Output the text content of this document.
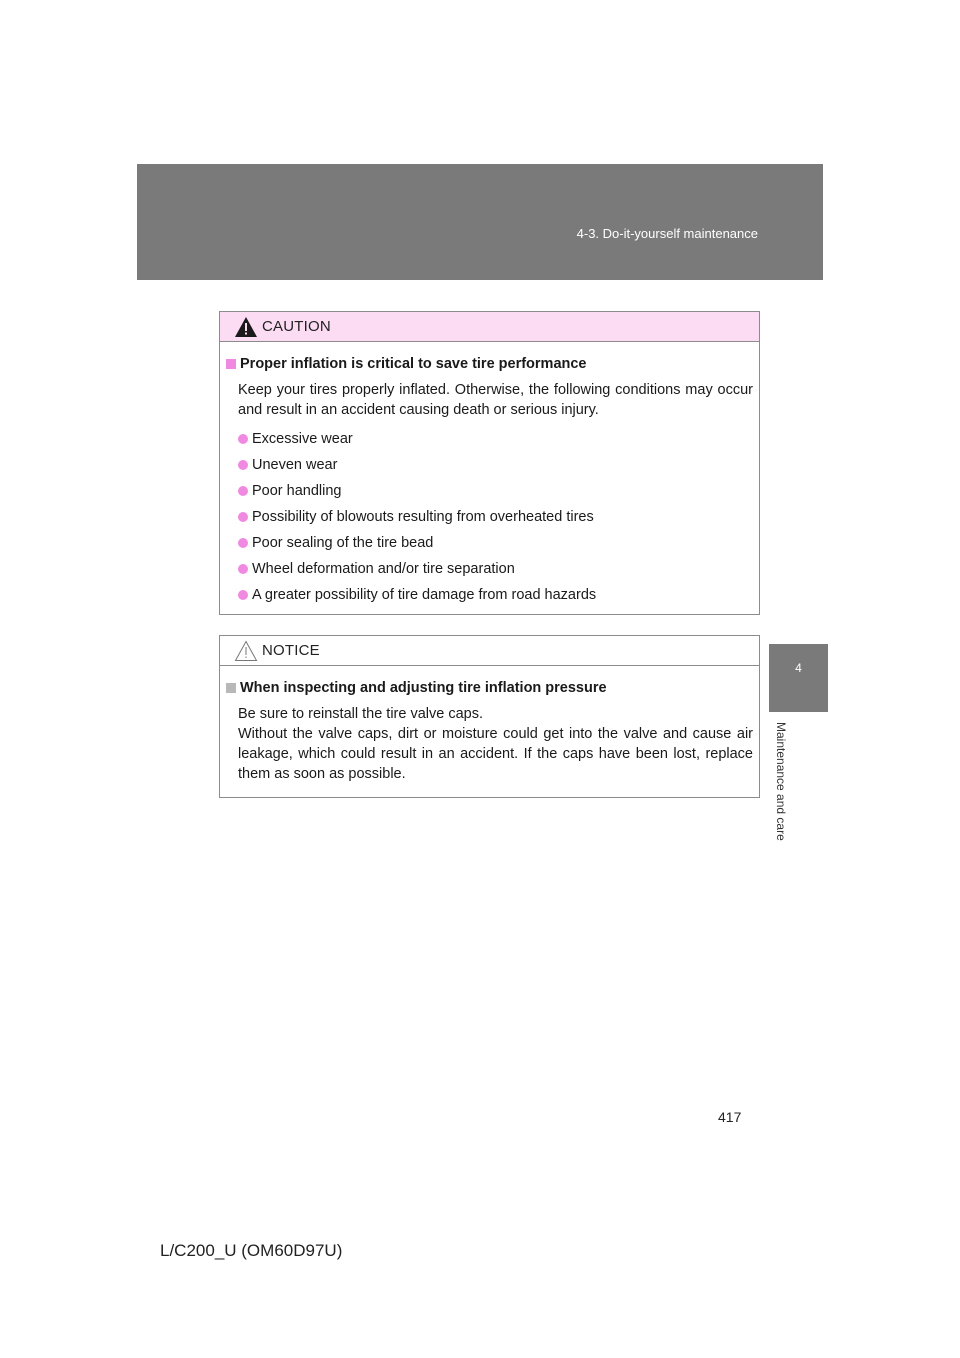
4-3. Do-it-yourself maintenance
4
Maintenance and care
CAUTION
Proper inflation is critical to save tire performance
Keep your tires properly inflated. Otherwise, the following conditions may occur and result in an accident causing death or serious injury.
Excessive wear
Uneven wear
Poor handling
Possibility of blowouts resulting from overheated tires
Poor sealing of the tire bead
Wheel deformation and/or tire separation
A greater possibility of tire damage from road hazards
NOTICE
When inspecting and adjusting tire inflation pressure
Be sure to reinstall the tire valve caps.
Without the valve caps, dirt or moisture could get into the valve and cause air leakage, which could result in an accident. If the caps have been lost, replace them as soon as possible.
417
L/C200_U (OM60D97U)
